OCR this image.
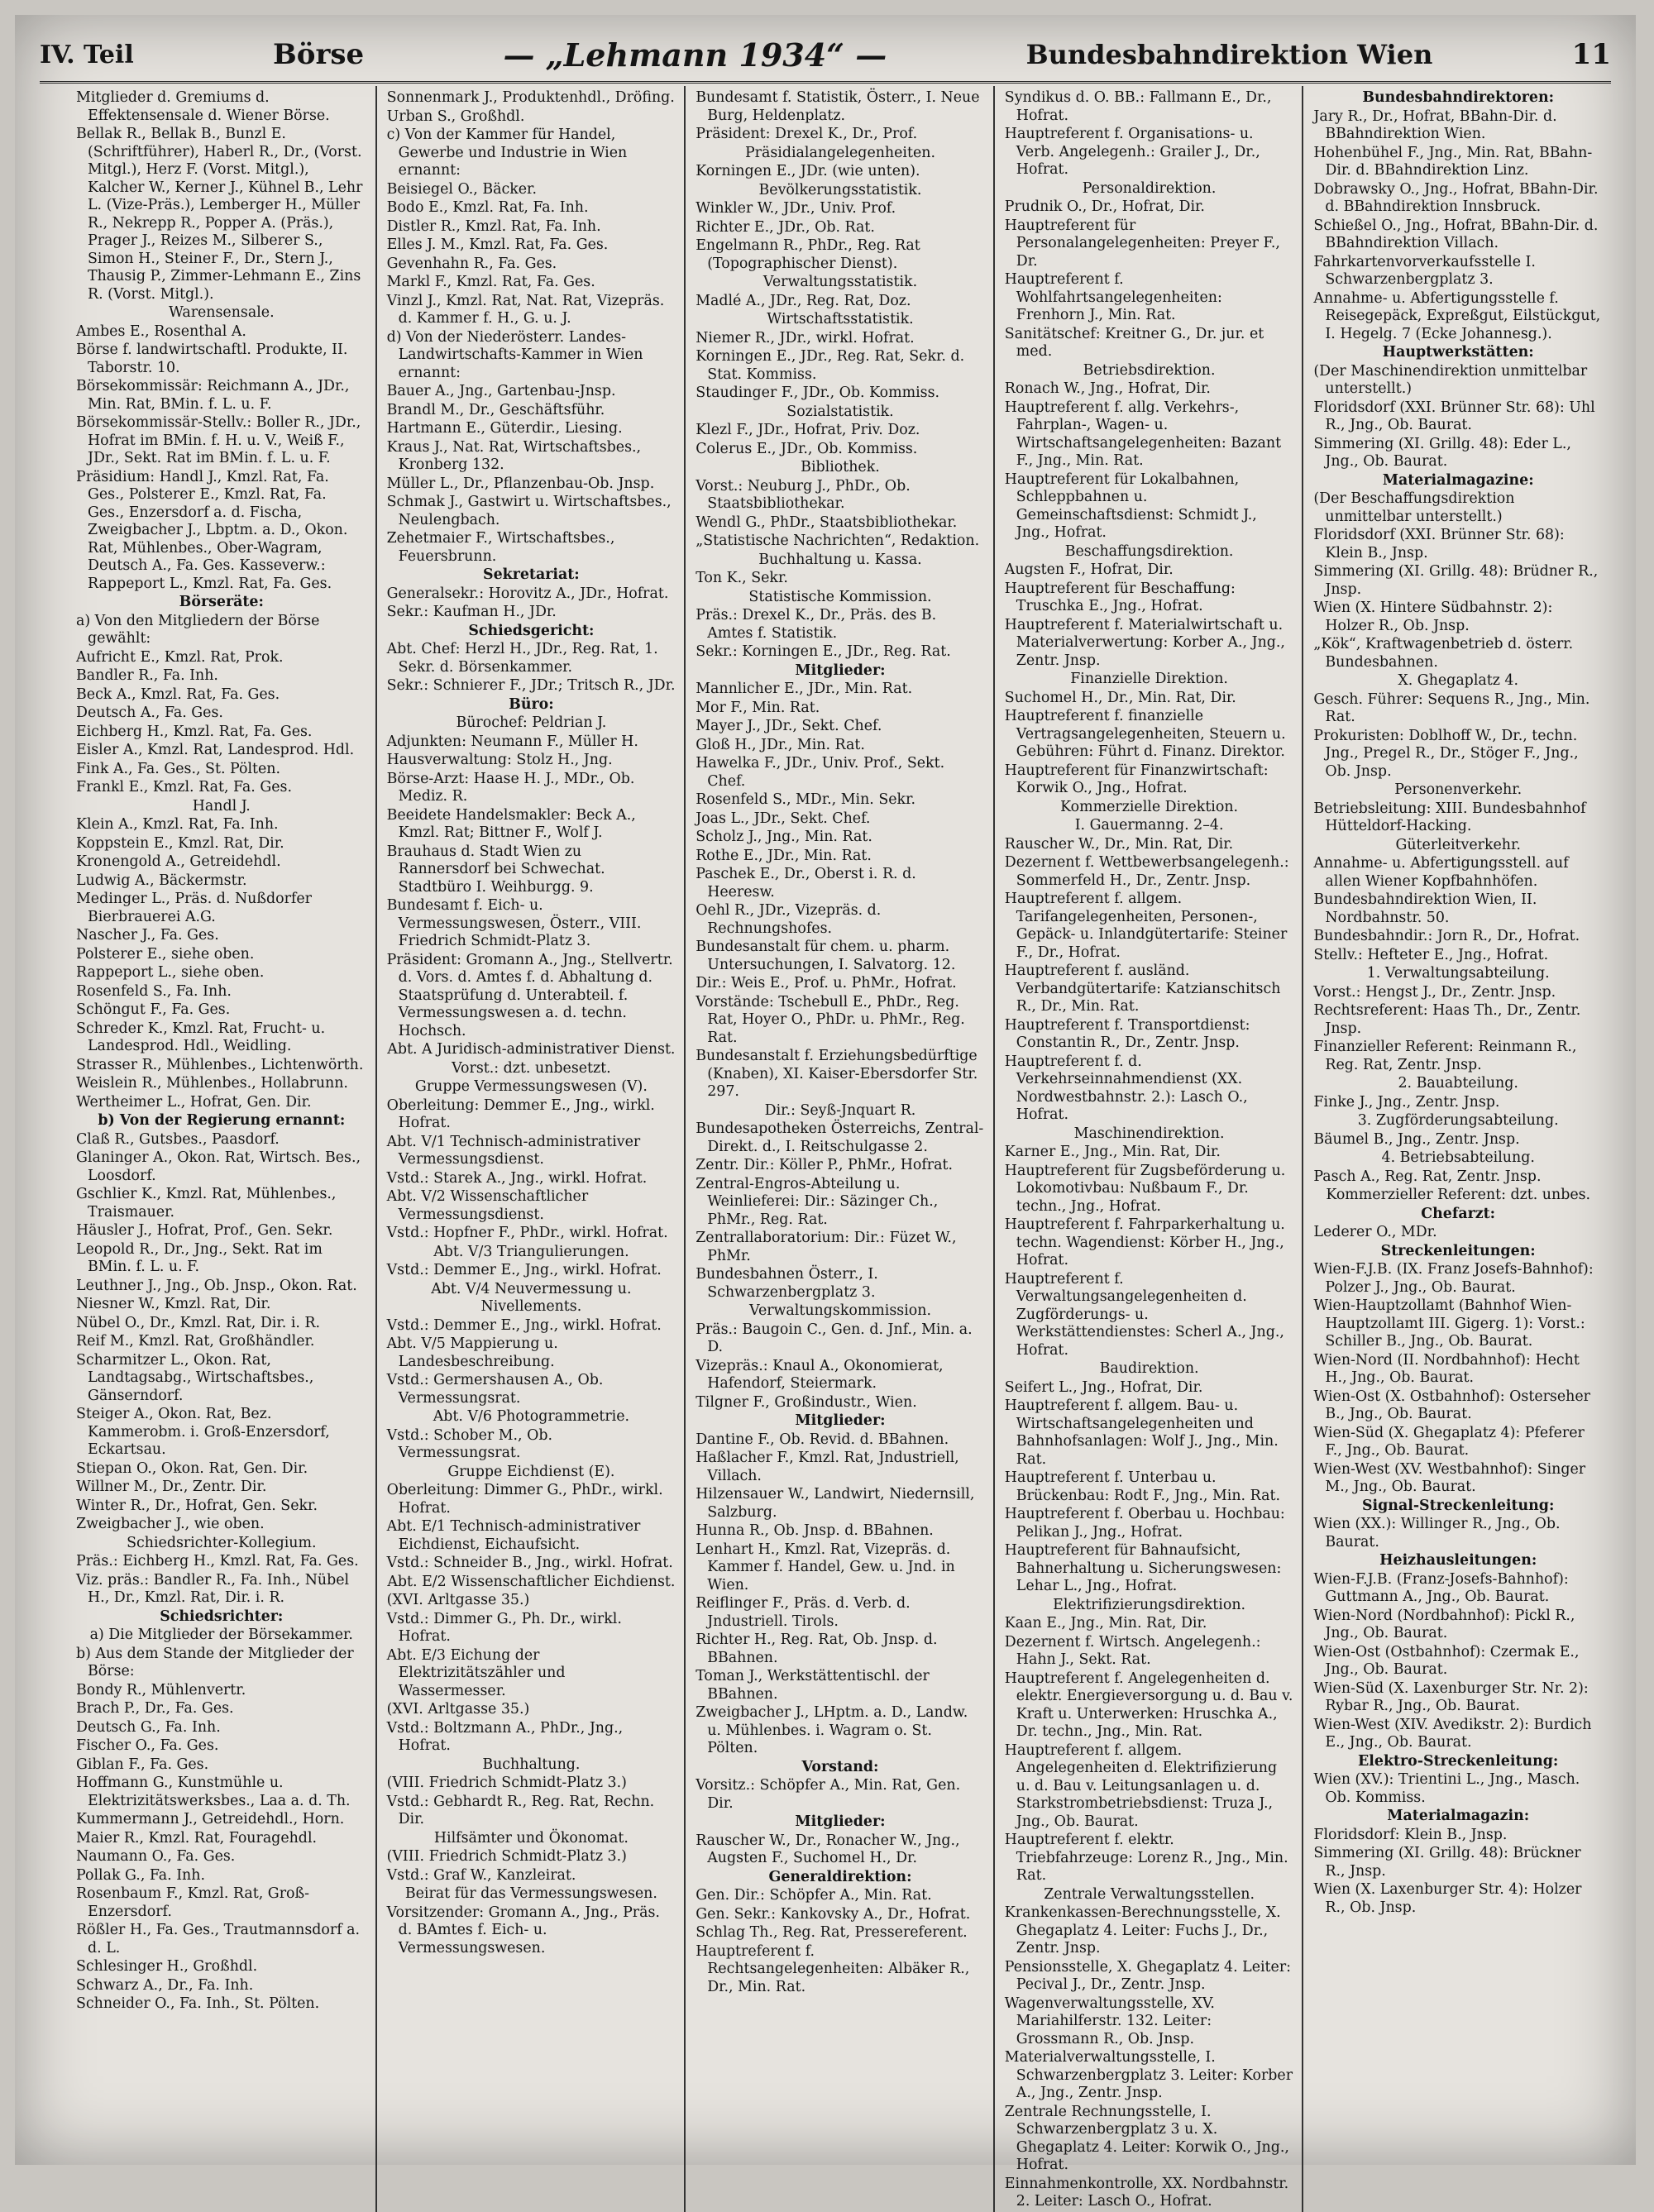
IV. Teil	Börse	— „Lehmann 1934“ —	Bundesbahndirektion Wien	11
Mitglieder d. Gremiums d. Effektensensale d. Wiener Börse.
Bellak R., Bellak B., Bunzl E. (Schriftführer), Haberl R., Dr., (Vorst. Mitgl.), Herz F. (Vorst. Mitgl.), Kalcher W., Kerner J., Kühnel B., Lehr L. (Vize-Präs.), Lemberger H., Müller R., Nekrepp R., Popper A. (Präs.), Prager J., Reizes M., Silberer S., Simon H., Steiner F., Dr., Stern J., Thausig P., Zimmer-Lehmann E., Zins R. (Vorst. Mitgl.).
Warensensale.
Ambes E., Rosenthal A.
Börse f. landwirtschaftl. Produkte, II. Taborstr. 10.
Börsekommissär: Reichmann A., JDr., Min. Rat, BMin. f. L. u. F.
Börsekommissär-Stellv.: Boller R., JDr., Hofrat im BMin. f. H. u. V., Weiß F., JDr., Sekt. Rat im BMin. f. L. u. F.
Präsidium: Handl J., Kmzl. Rat, Fa. Ges., Polsterer E., Kmzl. Rat, Fa. Ges., Enzersdorf a. d. Fischa, Zweigbacher J., Lbptm. a. D., Okon. Rat, Mühlenbes., Ober-Wagram, Deutsch A., Fa. Ges. Kasseverw.: Rappeport L., Kmzl. Rat, Fa. Ges.
Börseräte:
a) Von den Mitgliedern der Börse gewählt:
Aufricht E., Kmzl. Rat, Prok.
Bandler R., Fa. Inh.
Beck A., Kmzl. Rat, Fa. Ges.
Deutsch A., Fa. Ges.
Eichberg H., Kmzl. Rat, Fa. Ges.
Eisler A., Kmzl. Rat, Landesprod. Hdl.
Fink A., Fa. Ges., St. Pölten.
Frankl E., Kmzl. Rat, Fa. Ges.
Handl J.
Klein A., Kmzl. Rat, Fa. Inh.
Koppstein E., Kmzl. Rat, Dir.
Kronengold A., Getreidehdl.
Ludwig A., Bäckermstr.
Medinger L., Präs. d. Nußdorfer Bierbrauerei A.G.
Nascher J., Fa. Ges.
Polsterer E., siehe oben.
Rappeport L., siehe oben.
Rosenfeld S., Fa. Inh.
Schöngut F., Fa. Ges.
Schreder K., Kmzl. Rat, Frucht- u. Landesprod. Hdl., Weidling.
Strasser R., Mühlenbes., Lichtenwörth.
Weislein R., Mühlenbes., Hollabrunn.
Wertheimer L., Hofrat, Gen. Dir.
b) Von der Regierung ernannt:
Claß R., Gutsbes., Paasdorf.
Glaninger A., Okon. Rat, Wirtsch. Bes., Loosdorf.
Gschlier K., Kmzl. Rat, Mühlenbes., Traismauer.
Häusler J., Hofrat, Prof., Gen. Sekr.
Leopold R., Dr., Jng., Sekt. Rat im BMin. f. L. u. F.
Leuthner J., Jng., Ob. Jnsp., Okon. Rat.
Niesner W., Kmzl. Rat, Dir.
Nübel O., Dr., Kmzl. Rat, Dir. i. R.
Reif M., Kmzl. Rat, Großhändler.
Scharmitzer L., Okon. Rat, Landtagsabg., Wirtschaftsbes., Gänserndorf.
Steiger A., Okon. Rat, Bez. Kammerobm. i. Groß-Enzersdorf, Eckartsau.
Stiepan O., Okon. Rat, Gen. Dir.
Willner M., Dr., Zentr. Dir.
Winter R., Dr., Hofrat, Gen. Sekr.
Zweigbacher J., wie oben.
Schiedsrichter-Kollegium.
Präs.: Eichberg H., Kmzl. Rat, Fa. Ges.
Viz. präs.: Bandler R., Fa. Inh., Nübel H., Dr., Kmzl. Rat, Dir. i. R.
Schiedsrichter:
a) Die Mitglieder der Börsekammer.
b) Aus dem Stande der Mitglieder der Börse:
Bondy R., Mühlenvertr.
Brach P., Dr., Fa. Ges.
Deutsch G., Fa. Inh.
Fischer O., Fa. Ges.
Giblan F., Fa. Ges.
Hoffmann G., Kunstmühle u. Elektrizitätswerksbes., Laa a. d. Th.
Kummermann J., Getreidehdl., Horn.
Maier R., Kmzl. Rat, Fouragehdl.
Naumann O., Fa. Ges.
Pollak G., Fa. Inh.
Rosenbaum F., Kmzl. Rat, Groß-Enzersdorf.
Rößler H., Fa. Ges., Trautmannsdorf a. d. L.
Schlesinger H., Großhdl.
Schwarz A., Dr., Fa. Inh.
Schneider O., Fa. Inh., St. Pölten.
Sonnenmark J., Produktenhdl., Dröfing.
Urban S., Großhdl.
c) Von der Kammer für Handel, Gewerbe und Industrie in Wien ernannt:
Beisiegel O., Bäcker.
Bodo E., Kmzl. Rat, Fa. Inh.
Distler R., Kmzl. Rat, Fa. Inh.
Elles J. M., Kmzl. Rat, Fa. Ges.
Gevenhahn R., Fa. Ges.
Markl F., Kmzl. Rat, Fa. Ges.
Vinzl J., Kmzl. Rat, Nat. Rat, Vizepräs. d. Kammer f. H., G. u. J.
d) Von der Niederösterr. Landes-Landwirtschafts-Kammer in Wien ernannt:
Bauer A., Jng., Gartenbau-Jnsp.
Brandl M., Dr., Geschäftsführ.
Hartmann E., Güterdir., Liesing.
Kraus J., Nat. Rat, Wirtschaftsbes., Kronberg 132.
Müller L., Dr., Pflanzenbau-Ob. Jnsp.
Schmak J., Gastwirt u. Wirtschaftsbes., Neulengbach.
Zehetmaier F., Wirtschaftsbes., Feuersbrunn.
Sekretariat:
Generalsekr.: Horovitz A., JDr., Hofrat.
Sekr.: Kaufman H., JDr.
Schiedsgericht:
Abt. Chef: Herzl H., JDr., Reg. Rat, 1. Sekr. d. Börsenkammer.
Sekr.: Schnierer F., JDr.; Tritsch R., JDr.
Büro:
Bürochef: Peldrian J.
Adjunkten: Neumann F., Müller H.
Hausverwaltung: Stolz H., Jng.
Börse-Arzt: Haase H. J., MDr., Ob. Mediz. R.
Beeidete Handelsmakler: Beck A., Kmzl. Rat; Bittner F., Wolf J.
Brauhaus d. Stadt Wien zu Rannersdorf bei Schwechat. Stadtbüro I. Weihburgg. 9.
Bundesamt f. Eich- u. Vermessungswesen, Österr., VIII. Friedrich Schmidt-Platz 3.
Präsident: Gromann A., Jng., Stellvertr. d. Vors. d. Amtes f. d. Abhaltung d. Staatsprüfung d. Unterabteil. f. Vermessungswesen a. d. techn. Hochsch.
Abt. A Juridisch-administrativer Dienst.
Vorst.: dzt. unbesetzt.
Gruppe Vermessungswesen (V).
Oberleitung: Demmer E., Jng., wirkl. Hofrat.
Abt. V/1 Technisch-administrativer Vermessungsdienst.
Vstd.: Starek A., Jng., wirkl. Hofrat.
Abt. V/2 Wissenschaftlicher Vermessungsdienst.
Vstd.: Hopfner F., PhDr., wirkl. Hofrat.
Abt. V/3 Triangulierungen.
Vstd.: Demmer E., Jng., wirkl. Hofrat.
Abt. V/4 Neuvermessung u. Nivellements.
Vstd.: Demmer E., Jng., wirkl. Hofrat.
Abt. V/5 Mappierung u. Landesbeschreibung.
Vstd.: Germershausen A., Ob. Vermessungsrat.
Abt. V/6 Photogrammetrie.
Vstd.: Schober M., Ob. Vermessungsrat.
Gruppe Eichdienst (E).
Oberleitung: Dimmer G., PhDr., wirkl. Hofrat.
Abt. E/1 Technisch-administrativer Eichdienst, Eichaufsicht.
Vstd.: Schneider B., Jng., wirkl. Hofrat.
Abt. E/2 Wissenschaftlicher Eichdienst.
(XVI. Arltgasse 35.)
Vstd.: Dimmer G., Ph. Dr., wirkl. Hofrat.
Abt. E/3 Eichung der Elektrizitätszähler und Wassermesser.
(XVI. Arltgasse 35.)
Vstd.: Boltzmann A., PhDr., Jng., Hofrat.
Buchhaltung.
(VIII. Friedrich Schmidt-Platz 3.)
Vstd.: Gebhardt R., Reg. Rat, Rechn. Dir.
Hilfsämter und Ökonomat.
(VIII. Friedrich Schmidt-Platz 3.)
Vstd.: Graf W., Kanzleirat.
Beirat für das Vermessungswesen.
Vorsitzender: Gromann A., Jng., Präs. d. BAmtes f. Eich- u. Vermessungswesen.
Bundesamt f. Statistik, Österr., I. Neue Burg, Heldenplatz.
Präsident: Drexel K., Dr., Prof.
Präsidialangelegenheiten.
Korningen E., JDr. (wie unten).
Bevölkerungsstatistik.
Winkler W., JDr., Univ. Prof.
Richter E., JDr., Ob. Rat.
Engelmann R., PhDr., Reg. Rat (Topographischer Dienst).
Verwaltungsstatistik.
Madlé A., JDr., Reg. Rat, Doz.
Wirtschaftsstatistik.
Niemer R., JDr., wirkl. Hofrat.
Korningen E., JDr., Reg. Rat, Sekr. d. Stat. Kommiss.
Staudinger F., JDr., Ob. Kommiss.
Sozialstatistik.
Klezl F., JDr., Hofrat, Priv. Doz.
Colerus E., JDr., Ob. Kommiss.
Bibliothek.
Vorst.: Neuburg J., PhDr., Ob. Staatsbibliothekar.
Wendl G., PhDr., Staatsbibliothekar.
„Statistische Nachrichten“, Redaktion.
Buchhaltung u. Kassa.
Ton K., Sekr.
Statistische Kommission.
Präs.: Drexel K., Dr., Präs. des B. Amtes f. Statistik.
Sekr.: Korningen E., JDr., Reg. Rat.
Mitglieder:
Mannlicher E., JDr., Min. Rat.
Mor F., Min. Rat.
Mayer J., JDr., Sekt. Chef.
Gloß H., JDr., Min. Rat.
Hawelka F., JDr., Univ. Prof., Sekt. Chef.
Rosenfeld S., MDr., Min. Sekr.
Joas L., JDr., Sekt. Chef.
Scholz J., Jng., Min. Rat.
Rothe E., JDr., Min. Rat.
Paschek E., Dr., Oberst i. R. d. Heeresw.
Oehl R., JDr., Vizepräs. d. Rechnungshofes.
Bundesanstalt für chem. u. pharm. Untersuchungen, I. Salvatorg. 12.
Dir.: Weis E., Prof. u. PhMr., Hofrat.
Vorstände: Tschebull E., PhDr., Reg. Rat, Hoyer O., PhDr. u. PhMr., Reg. Rat.
Bundesanstalt f. Erziehungsbedürftige (Knaben), XI. Kaiser-Ebersdorfer Str. 297.
Dir.: Seyß-Jnquart R.
Bundesapotheken Österreichs, Zentral-Direkt. d., I. Reitschulgasse 2.
Zentr. Dir.: Köller P., PhMr., Hofrat.
Zentral-Engros-Abteilung u. Weinlieferei: Dir.: Säzinger Ch., PhMr., Reg. Rat.
Zentrallaboratorium: Dir.: Füzet W., PhMr.
Bundesbahnen Österr., I. Schwarzenbergplatz 3.
Verwaltungskommission.
Präs.: Baugoin C., Gen. d. Jnf., Min. a. D.
Vizepräs.: Knaul A., Okonomierat, Hafendorf, Steiermark.
Tilgner F., Großindustr., Wien.
Mitglieder:
Dantine F., Ob. Revid. d. BBahnen.
Haßlacher F., Kmzl. Rat, Jndustriell, Villach.
Hilzensauer W., Landwirt, Niedernsill, Salzburg.
Hunna R., Ob. Jnsp. d. BBahnen.
Lenhart H., Kmzl. Rat, Vizepräs. d. Kammer f. Handel, Gew. u. Jnd. in Wien.
Reiflinger F., Präs. d. Verb. d. Jndustriell. Tirols.
Richter H., Reg. Rat, Ob. Jnsp. d. BBahnen.
Toman J., Werkstättentischl. der BBahnen.
Zweigbacher J., LHptm. a. D., Landw. u. Mühlenbes. i. Wagram o. St. Pölten.
Vorstand:
Vorsitz.: Schöpfer A., Min. Rat, Gen. Dir.
Mitglieder:
Rauscher W., Dr., Ronacher W., Jng., Augsten F., Suchomel H., Dr.
Generaldirektion:
Gen. Dir.: Schöpfer A., Min. Rat.
Gen. Sekr.: Kankovsky A., Dr., Hofrat.
Schlag Th., Reg. Rat, Pressereferent.
Hauptreferent f. Rechtsangelegenheiten: Albäker R., Dr., Min. Rat.
Syndikus d. O. BB.: Fallmann E., Dr., Hofrat.
Hauptreferent f. Organisations- u. Verb. Angelegenh.: Grailer J., Dr., Hofrat.
Personaldirektion.
Prudnik O., Dr., Hofrat, Dir.
Hauptreferent für Personalangelegenheiten: Preyer F., Dr.
Hauptreferent f. Wohlfahrtsangelegenheiten: Frenhorn J., Min. Rat.
Sanitätschef: Kreitner G., Dr. jur. et med.
Betriebsdirektion.
Ronach W., Jng., Hofrat, Dir.
Hauptreferent f. allg. Verkehrs-, Fahrplan-, Wagen- u. Wirtschaftsangelegenheiten: Bazant F., Jng., Min. Rat.
Hauptreferent für Lokalbahnen, Schleppbahnen u. Gemeinschaftsdienst: Schmidt J., Jng., Hofrat.
Beschaffungsdirektion.
Augsten F., Hofrat, Dir.
Hauptreferent für Beschaffung: Truschka E., Jng., Hofrat.
Hauptreferent f. Materialwirtschaft u. Materialverwertung: Korber A., Jng., Zentr. Jnsp.
Finanzielle Direktion.
Suchomel H., Dr., Min. Rat, Dir.
Hauptreferent f. finanzielle Vertragsangelegenheiten, Steuern u. Gebühren: Führt d. Finanz. Direktor.
Hauptreferent für Finanzwirtschaft: Korwik O., Jng., Hofrat.
Kommerzielle Direktion.
I. Gauermanng. 2–4.
Rauscher W., Dr., Min. Rat, Dir.
Dezernent f. Wettbewerbsangelegenh.: Sommerfeld H., Dr., Zentr. Jnsp.
Hauptreferent f. allgem. Tarifangelegenheiten, Personen-, Gepäck- u. Inlandgütertarife: Steiner F., Dr., Hofrat.
Hauptreferent f. ausländ. Verbandgütertarife: Katzianschitsch R., Dr., Min. Rat.
Hauptreferent f. Transportdienst: Constantin R., Dr., Zentr. Jnsp.
Hauptreferent f. d. Verkehrseinnahmendienst (XX. Nordwestbahnstr. 2.): Lasch O., Hofrat.
Maschinendirektion.
Karner E., Jng., Min. Rat, Dir.
Hauptreferent für Zugsbeförderung u. Lokomotivbau: Nußbaum F., Dr. techn., Jng., Hofrat.
Hauptreferent f. Fahrparkerhaltung u. techn. Wagendienst: Körber H., Jng., Hofrat.
Hauptreferent f. Verwaltungsangelegenheiten d. Zugförderungs- u. Werkstättendienstes: Scherl A., Jng., Hofrat.
Baudirektion.
Seifert L., Jng., Hofrat, Dir.
Hauptreferent f. allgem. Bau- u. Wirtschaftsangelegenheiten und Bahnhofsanlagen: Wolf J., Jng., Min. Rat.
Hauptreferent f. Unterbau u. Brückenbau: Rodt F., Jng., Min. Rat.
Hauptreferent f. Oberbau u. Hochbau: Pelikan J., Jng., Hofrat.
Hauptreferent für Bahnaufsicht, Bahnerhaltung u. Sicherungswesen: Lehar L., Jng., Hofrat.
Elektrifizierungsdirektion.
Kaan E., Jng., Min. Rat, Dir.
Dezernent f. Wirtsch. Angelegenh.: Hahn J., Sekt. Rat.
Hauptreferent f. Angelegenheiten d. elektr. Energieversorgung u. d. Bau v. Kraft u. Unterwerken: Hruschka A., Dr. techn., Jng., Min. Rat.
Hauptreferent f. allgem. Angelegenheiten d. Elektrifizierung u. d. Bau v. Leitungsanlagen u. d. Starkstrombetriebsdienst: Truza J., Jng., Ob. Baurat.
Hauptreferent f. elektr. Triebfahrzeuge: Lorenz R., Jng., Min. Rat.
Zentrale Verwaltungsstellen.
Krankenkassen-Berechnungsstelle, X. Ghegaplatz 4. Leiter: Fuchs J., Dr., Zentr. Jnsp.
Pensionsstelle, X. Ghegaplatz 4. Leiter: Pecival J., Dr., Zentr. Jnsp.
Wagenverwaltungsstelle, XV. Mariahilferstr. 132. Leiter: Grossmann R., Ob. Jnsp.
Materialverwaltungsstelle, I. Schwarzenbergplatz 3. Leiter: Korber A., Jng., Zentr. Jnsp.
Zentrale Rechnungsstelle, I. Schwarzenbergplatz 3 u. X. Ghegaplatz 4. Leiter: Korwik O., Jng., Hofrat.
Einnahmenkontrolle, XX. Nordbahnstr. 2. Leiter: Lasch O., Hofrat.
Bundesbahndirektoren:
Jary R., Dr., Hofrat, BBahn-Dir. d. BBahndirektion Wien.
Hohenbühel F., Jng., Min. Rat, BBahn-Dir. d. BBahndirektion Linz.
Dobrawsky O., Jng., Hofrat, BBahn-Dir. d. BBahndirektion Innsbruck.
Schießel O., Jng., Hofrat, BBahn-Dir. d. BBahndirektion Villach.
Fahrkartenvorverkaufsstelle I. Schwarzenbergplatz 3.
Annahme- u. Abfertigungsstelle f. Reisegepäck, Expreßgut, Eilstückgut, I. Hegelg. 7 (Ecke Johannesg.).
Hauptwerkstätten:
(Der Maschinendirektion unmittelbar unterstellt.)
Floridsdorf (XXI. Brünner Str. 68): Uhl R., Jng., Ob. Baurat.
Simmering (XI. Grillg. 48): Eder L., Jng., Ob. Baurat.
Materialmagazine:
(Der Beschaffungsdirektion unmittelbar unterstellt.)
Floridsdorf (XXI. Brünner Str. 68): Klein B., Jnsp.
Simmering (XI. Grillg. 48): Brüdner R., Jnsp.
Wien (X. Hintere Südbahnstr. 2): Holzer R., Ob. Jnsp.
„Kök“, Kraftwagenbetrieb d. österr. Bundesbahnen.
X. Ghegaplatz 4.
Gesch. Führer: Sequens R., Jng., Min. Rat.
Prokuristen: Doblhoff W., Dr., techn. Jng., Pregel R., Dr., Stöger F., Jng., Ob. Jnsp.
Personenverkehr.
Betriebsleitung: XIII. Bundesbahnhof Hütteldorf-Hacking.
Güterleitverkehr.
Annahme- u. Abfertigungsstell. auf allen Wiener Kopfbahnhöfen.
Bundesbahndirektion Wien, II. Nordbahnstr. 50.
Bundesbahndir.: Jorn R., Dr., Hofrat.
Stellv.: Hefteter E., Jng., Hofrat.
1. Verwaltungsabteilung.
Vorst.: Hengst J., Dr., Zentr. Jnsp.
Rechtsreferent: Haas Th., Dr., Zentr. Jnsp.
Finanzieller Referent: Reinmann R., Reg. Rat, Zentr. Jnsp.
2. Bauabteilung.
Finke J., Jng., Zentr. Jnsp.
3. Zugförderungsabteilung.
Bäumel B., Jng., Zentr. Jnsp.
4. Betriebsabteilung.
Pasch A., Reg. Rat, Zentr. Jnsp.
Kommerzieller Referent: dzt. unbes.
Chefarzt:
Lederer O., MDr.
Streckenleitungen:
Wien-F.J.B. (IX. Franz Josefs-Bahnhof): Polzer J., Jng., Ob. Baurat.
Wien-Hauptzollamt (Bahnhof Wien-Hauptzollamt III. Gigerg. 1): Vorst.: Schiller B., Jng., Ob. Baurat.
Wien-Nord (II. Nordbahnhof): Hecht H., Jng., Ob. Baurat.
Wien-Ost (X. Ostbahnhof): Osterseher B., Jng., Ob. Baurat.
Wien-Süd (X. Ghegaplatz 4): Pfeferer F., Jng., Ob. Baurat.
Wien-West (XV. Westbahnhof): Singer M., Jng., Ob. Baurat.
Signal-Streckenleitung:
Wien (XX.): Willinger R., Jng., Ob. Baurat.
Heizhausleitungen:
Wien-F.J.B. (Franz-Josefs-Bahnhof): Guttmann A., Jng., Ob. Baurat.
Wien-Nord (Nordbahnhof): Pickl R., Jng., Ob. Baurat.
Wien-Ost (Ostbahnhof): Czermak E., Jng., Ob. Baurat.
Wien-Süd (X. Laxenburger Str. Nr. 2): Rybar R., Jng., Ob. Baurat.
Wien-West (XIV. Avedikstr. 2): Burdich E., Jng., Ob. Baurat.
Elektro-Streckenleitung:
Wien (XV.): Trientini L., Jng., Masch. Ob. Kommiss.
Materialmagazin:
Floridsdorf: Klein B., Jnsp.
Simmering (XI. Grillg. 48): Brückner R., Jnsp.
Wien (X. Laxenburger Str. 4): Holzer R., Ob. Jnsp.
